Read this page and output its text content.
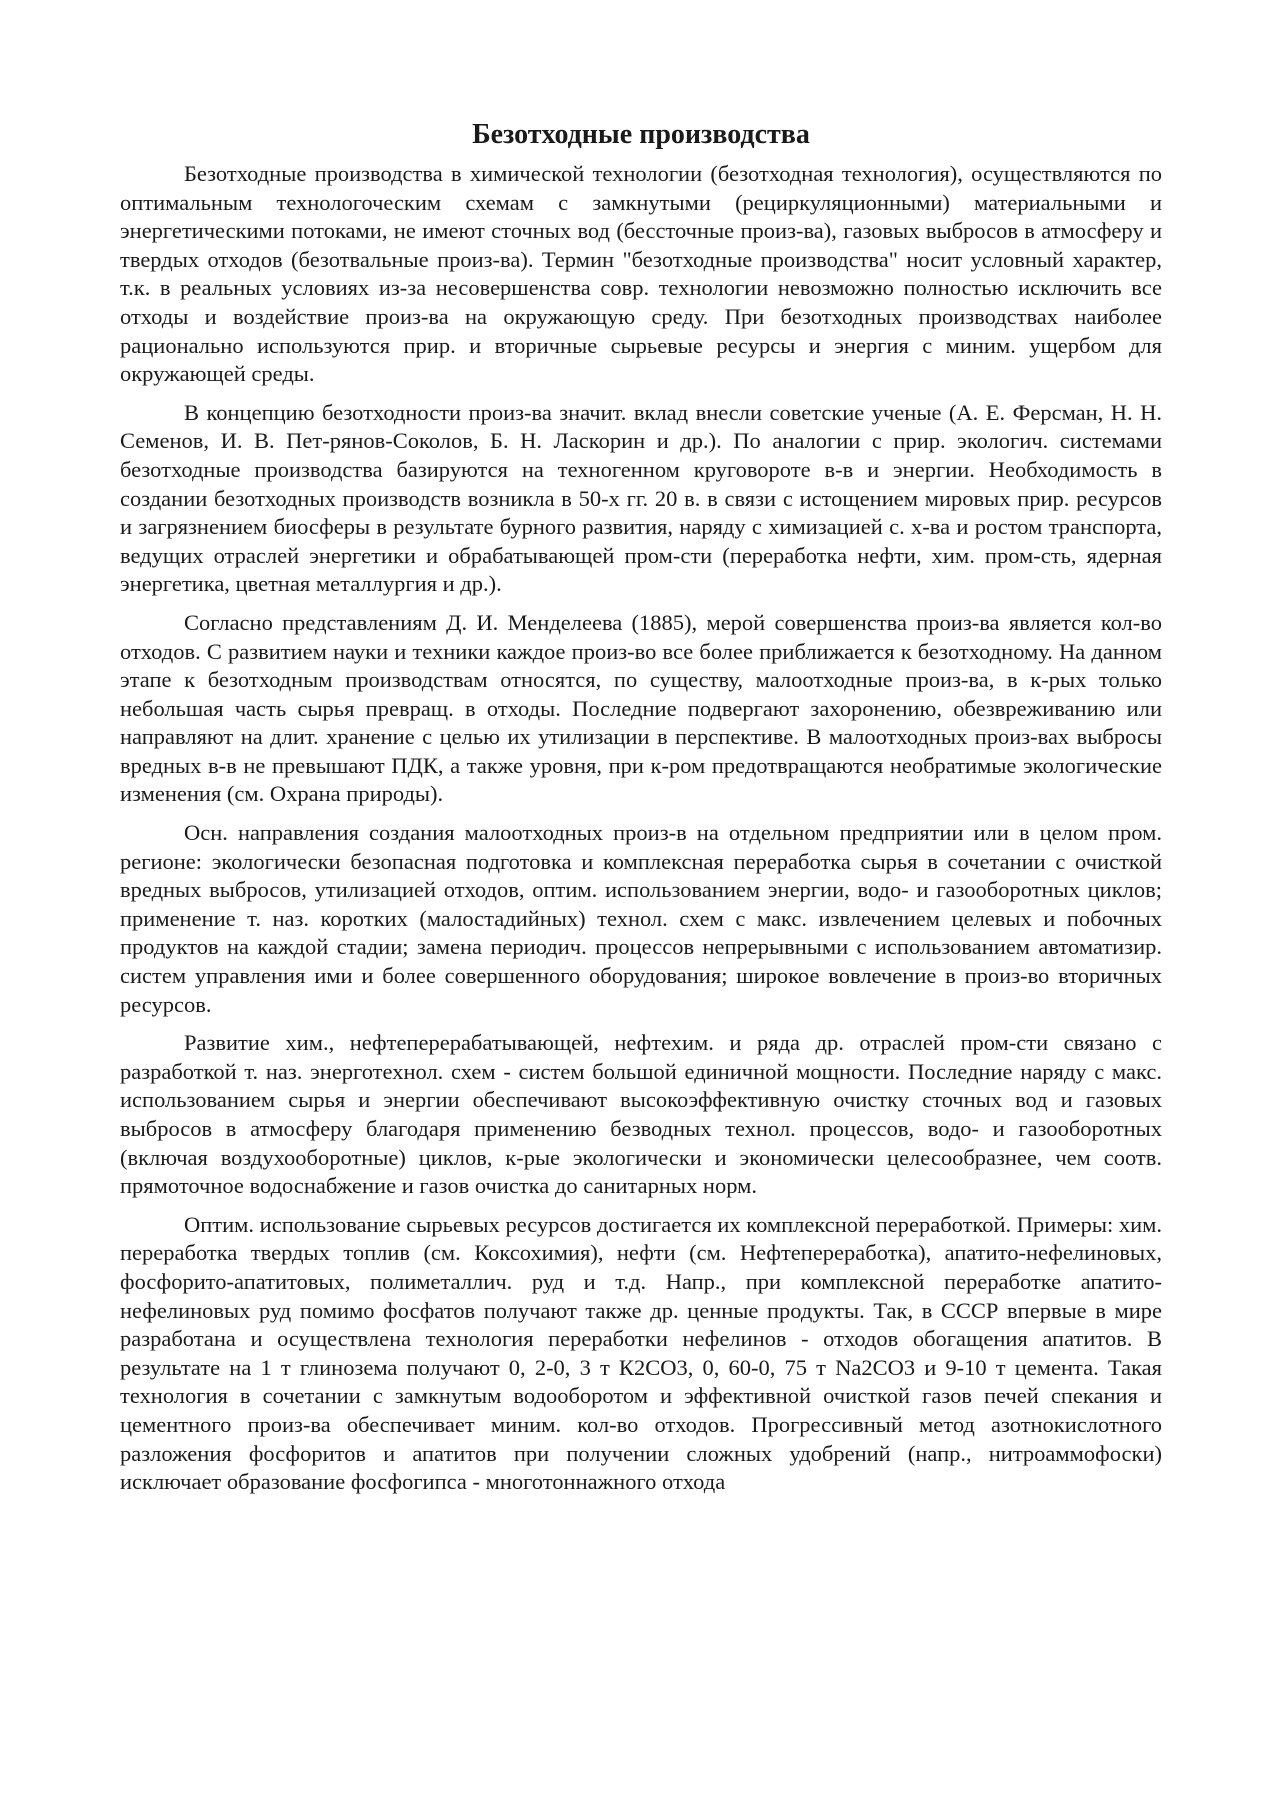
Безотходные производства

Безотходные производства в химической технологии (безотходная технология), осуществляются по оптимальным технологоческим схемам с замкнутыми (рециркуляционными) материальными и энергетическими потоками, не имеют сточных вод (бессточные произ-ва), газовых выбросов в атмосферу и твердых отходов (безотвальные произ-ва). Термин "безотходные производства" носит условный характер, т.к. в реальных условиях из-за несовершенства совр. технологии невозможно полностью исключить все отходы и воздействие произ-ва на окружающую среду. При безотходных производствах наиболее рационально используются прир. и вторичные сырьевые ресурсы и энергия с миним. ущербом для окружающей среды.

В концепцию безотходности произ-ва значит. вклад внесли советские ученые (А. Е. Ферсман, Н. Н. Семенов, И. В. Пет-рянов-Соколов, Б. Н. Ласкорин и др.). По аналогии с прир. экологич. системами безотходные производства базируются на техногенном круговороте в-в и энергии. Необходимость в создании безотходных производств возникла в 50-х гг. 20 в. в связи с истощением мировых прир. ресурсов и загрязнением биосферы в результате бурного развития, наряду с химизацией с. х-ва и ростом транспорта, ведущих отраслей энергетики и обрабатывающей пром-сти (переработка нефти, хим. пром-сть, ядерная энергетика, цветная металлургия и др.).

Согласно представлениям Д. И. Менделеева (1885), мерой совершенства произ-ва является кол-во отходов. С развитием науки и техники каждое произ-во все более приближается к безотходному. На данном этапе к безотходным производствам относятся, по существу, малоотходные произ-ва, в к-рых только небольшая часть сырья превращ. в отходы. Последние подвергают захоронению, обезвреживанию или направляют на длит. хранение с целью их утилизации в перспективе. В малоотходных произ-вах выбросы вредных в-в не превышают ПДК, а также уровня, при к-ром предотвращаются необратимые экологические изменения (см. Охрана природы).

Осн. направления создания малоотходных произ-в на отдельном предприятии или в целом пром. регионе: экологически безопасная подготовка и комплексная переработка сырья в сочетании с очисткой вредных выбросов, утилизацией отходов, оптим. использованием энергии, водо- и газооборотных циклов; применение т. наз. коротких (малостадийных) технол. схем с макс. извлечением целевых и побочных продуктов на каждой стадии; замена периодич. процессов непрерывными с использованием автоматизир. систем управления ими и более совершенного оборудования; широкое вовлечение в произ-во вторичных ресурсов.

Развитие хим., нефтеперерабатывающей, нефтехим. и ряда др. отраслей пром-сти связано с разработкой т. наз. энерготехнол. схем - систем большой единичной мощности. Последние наряду с макс. использованием сырья и энергии обеспечивают высокоэффективную очистку сточных вод и газовых выбросов в атмосферу благодаря применению безводных технол. процессов, водо- и газооборотных (включая воздухооборотные) циклов, к-рые экологически и экономически целесообразнее, чем соотв. прямоточное водоснабжение и газов очистка до санитарных норм.

Оптим. использование сырьевых ресурсов достигается их комплексной переработкой. Примеры: хим. переработка твердых топлив (см. Коксохимия), нефти (см. Нефтепереработка), апатито-нефелиновых, фосфорито-апатитовых, полиметаллич. руд и т.д. Напр., при комплексной переработке апатито-нефелиновых руд помимо фосфатов получают также др. ценные продукты. Так, в СССР впервые в мире разработана и осуществлена технология переработки нефелинов - отходов обогащения апатитов. В результате на 1 т глинозема получают 0, 2-0, 3 т К2СО3, 0, 60-0, 75 т Na2CO3 и 9-10 т цемента. Такая технология в сочетании с замкнутым водооборотом и эффективной очисткой газов печей спекания и цементного произ-ва обеспечивает миним. кол-во отходов. Прогрессивный метод азотнокислотного разложения фосфоритов и апатитов при получении сложных удобрений (напр., нитроаммофоски) исключает образование фосфогипса - многотоннажного отхода
